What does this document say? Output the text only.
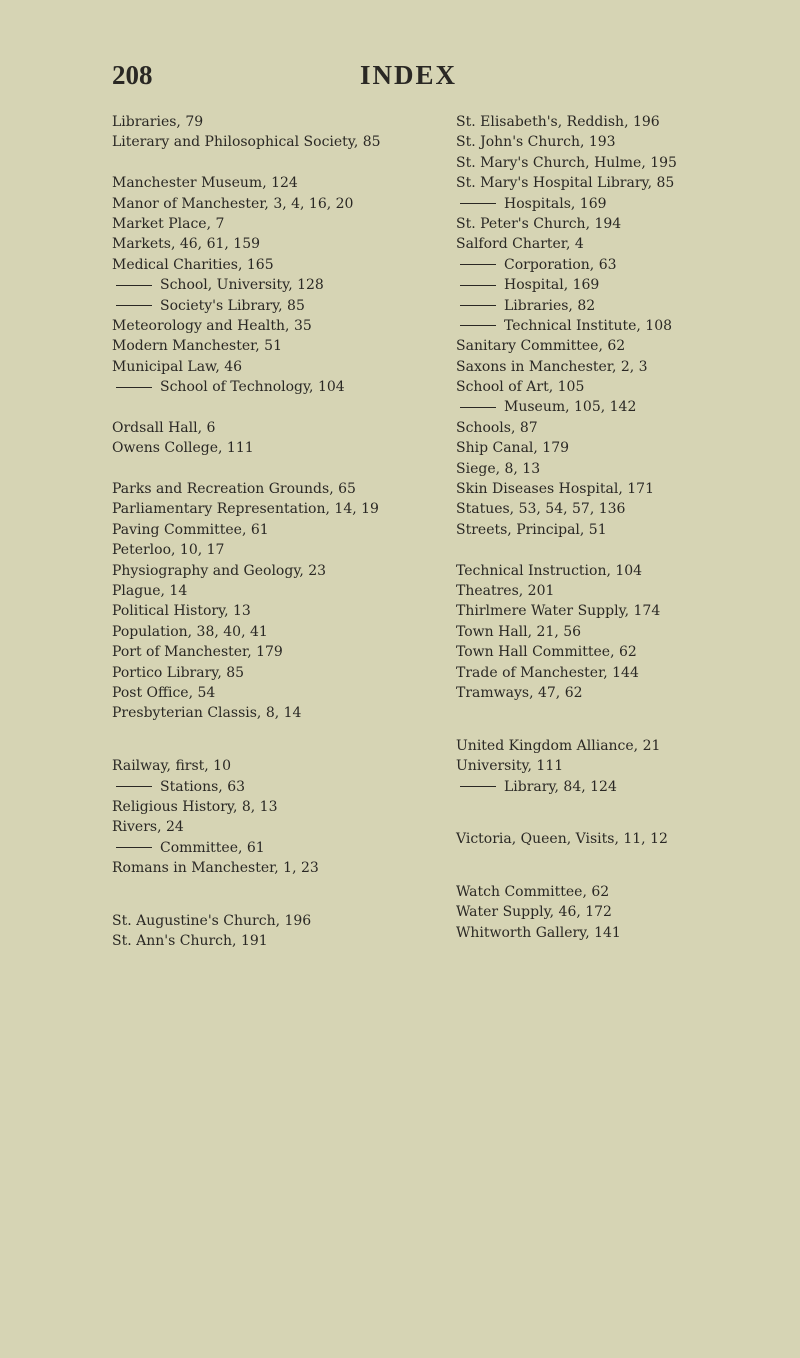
208	INDEX
Libraries, 79
Literary and Philosophical Society, 85
Manchester Museum, 124
Manor of Manchester, 3, 4, 16, 20
Market Place, 7
Markets, 46, 61, 159
Medical Charities, 165
School, University, 128
Society's Library, 85
Meteorology and Health, 35
Modern Manchester, 51
Municipal Law, 46
School of Technology, 104
Ordsall Hall, 6
Owens College, 111
Parks and Recreation Grounds, 65
Parliamentary Representation, 14, 19
Paving Committee, 61
Peterloo, 10, 17
Physiography and Geology, 23
Plague, 14
Political History, 13
Population, 38, 40, 41
Port of Manchester, 179
Portico Library, 85
Post Office, 54
Presbyterian Classis, 8, 14
Railway, first, 10
Stations, 63
Religious History, 8, 13
Rivers, 24
Committee, 61
Romans in Manchester, 1, 23
St. Augustine's Church, 196
St. Ann's Church, 191
St. Elisabeth's, Reddish, 196
St. John's Church, 193
St. Mary's Church, Hulme, 195
St. Mary's Hospital Library, 85
Hospitals, 169
St. Peter's Church, 194
Salford Charter, 4
Corporation, 63
Hospital, 169
Libraries, 82
Technical Institute, 108
Sanitary Committee, 62
Saxons in Manchester, 2, 3
School of Art, 105
Museum, 105, 142
Schools, 87
Ship Canal, 179
Siege, 8, 13
Skin Diseases Hospital, 171
Statues, 53, 54, 57, 136
Streets, Principal, 51
Technical Instruction, 104
Theatres, 201
Thirlmere Water Supply, 174
Town Hall, 21, 56
Town Hall Committee, 62
Trade of Manchester, 144
Tramways, 47, 62
United Kingdom Alliance, 21
University, 111
Library, 84, 124
Victoria, Queen, Visits, 11, 12
Watch Committee, 62
Water Supply, 46, 172
Whitworth Gallery, 141
